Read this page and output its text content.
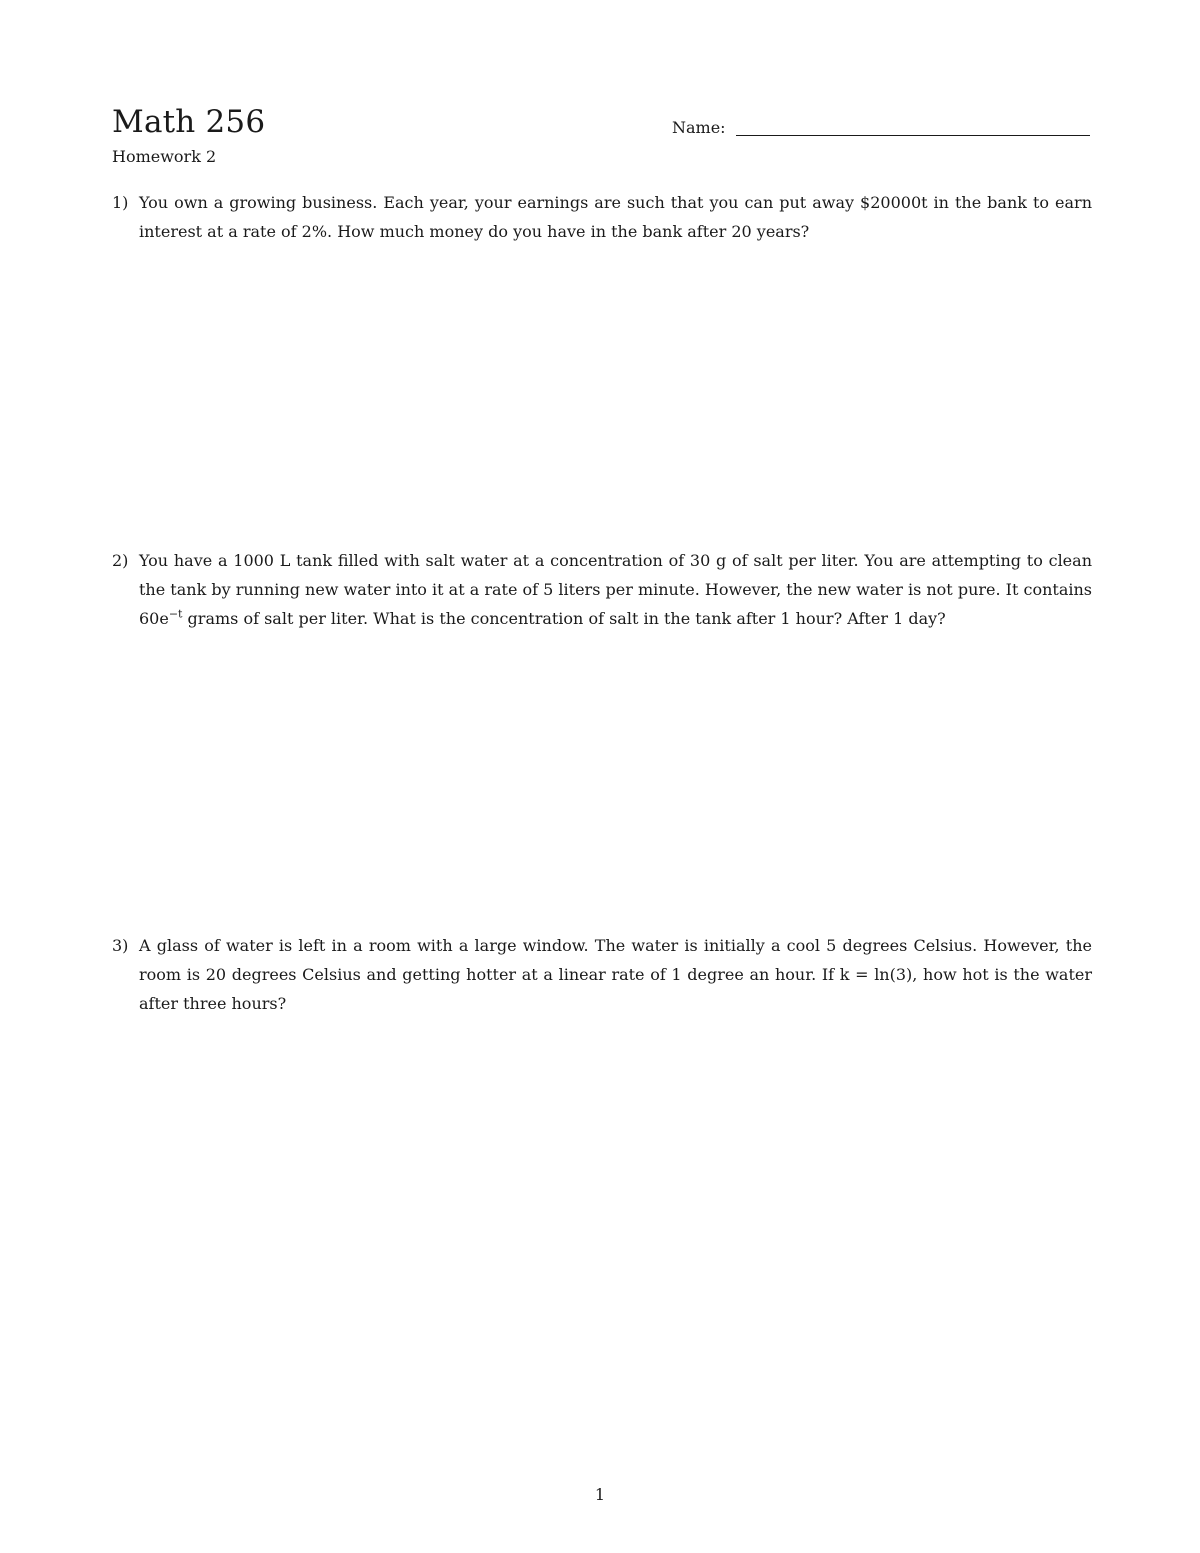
Math 256
Homework 2
Name:
1) You own a growing business. Each year, your earnings are such that you can put away $20000t in the bank to earn interest at a rate of 2%. How much money do you have in the bank after 20 years?
2) You have a 1000 L tank filled with salt water at a concentration of 30 g of salt per liter. You are attempting to clean the tank by running new water into it at a rate of 5 liters per minute. However, the new water is not pure. It contains $60e^{-t}$ grams of salt per liter. What is the concentration of salt in the tank after 1 hour? After 1 day?
3) A glass of water is left in a room with a large window. The water is initially a cool 5 degrees Celsius. However, the room is 20 degrees Celsius and getting hotter at a linear rate of 1 degree an hour. If k = ln(3), how hot is the water after three hours?
1
